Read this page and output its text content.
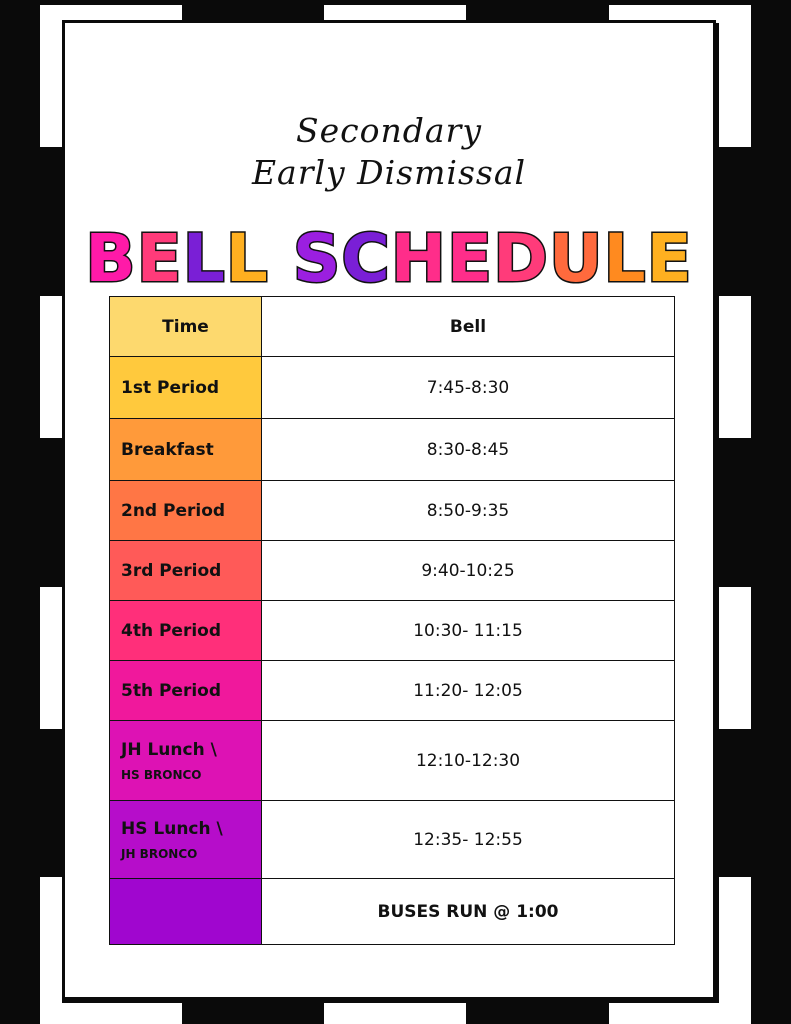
Secondary
Early Dismissal
BELL SCHEDULE
Time	Bell
1st Period	7:45-8:30
Breakfast	8:30-8:45
2nd Period	8:50-9:35
3rd Period	9:40-10:25
4th Period	10:30- 11:15
5th Period	11:20- 12:05
JH Lunch \
HS BRONCO	12:10-12:30
HS Lunch \
JH BRONCO	12:35- 12:55
	BUSES RUN @ 1:00
